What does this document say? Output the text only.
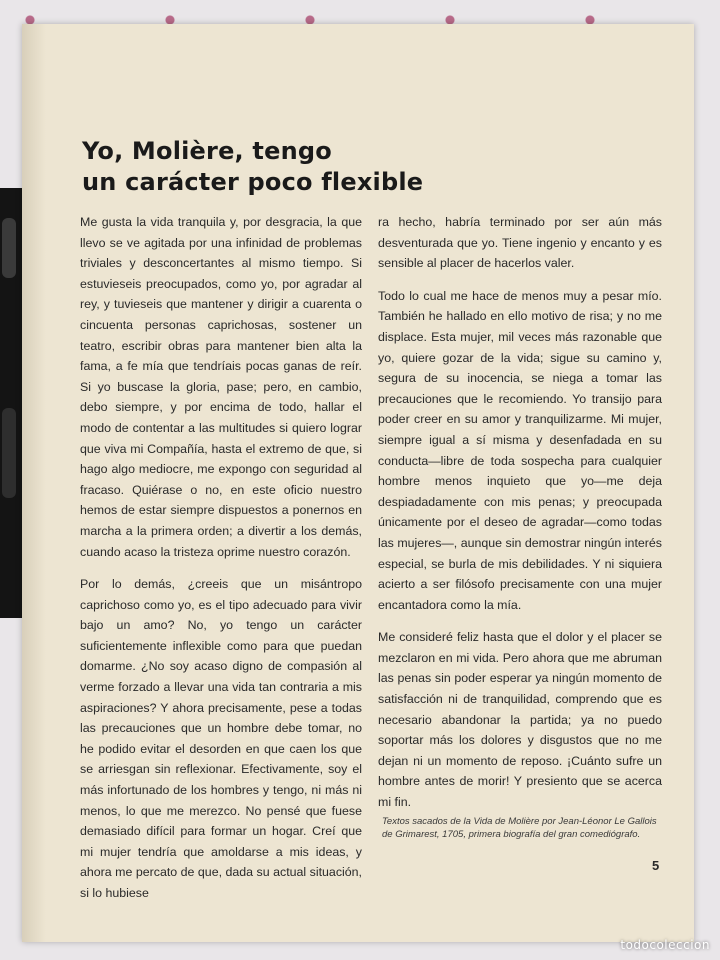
Yo, Molière, tengo
un carácter poco flexible

Me gusta la vida tranquila y, por desgracia, la que llevo se ve agitada por una infinidad de problemas triviales y desconcertantes al mismo tiempo. Si estuvieseis preocupados, como yo, por agradar al rey, y tuvieseis que mantener y dirigir a cuarenta o cincuenta personas caprichosas, sostener un teatro, escribir obras para mantener bien alta la fama, a fe mía que tendríais pocas ganas de reír. Si yo buscase la gloria, pase; pero, en cambio, debo siempre, y por encima de todo, hallar el modo de contentar a las multitudes si quiero lograr que viva mi Compañía, hasta el extremo de que, si hago algo mediocre, me expongo con seguridad al fracaso. Quiérase o no, en este oficio nuestro hemos de estar siempre dispuestos a ponernos en marcha a la primera orden; a divertir a los demás, cuando acaso la tristeza oprime nuestro corazón.

Por lo demás, ¿creeis que un misántropo caprichoso como yo, es el tipo adecuado para vivir bajo un amo? No, yo tengo un carácter suficientemente inflexible como para que puedan domarme. ¿No soy acaso digno de compasión al verme forzado a llevar una vida tan contraria a mis aspiraciones? Y ahora precisamente, pese a todas las precauciones que un hombre debe tomar, no he podido evitar el desorden en que caen los que se arriesgan sin reflexionar. Efectivamente, soy el más infortunado de los hombres y tengo, ni más ni menos, lo que me merezco. No pensé que fuese demasiado difícil para formar un hogar. Creí que mi mujer tendría que amoldarse a mis ideas, y ahora me percato de que, dada su actual situación, si lo hubiese

ra hecho, habría terminado por ser aún más desventurada que yo. Tiene ingenio y encanto y es sensible al placer de hacerlos valer.

Todo lo cual me hace de menos muy a pesar mío. También he hallado en ello motivo de risa; y no me displace. Esta mujer, mil veces más razonable que yo, quiere gozar de la vida; sigue su camino y, segura de su inocencia, se niega a tomar las precauciones que le recomiendo. Yo transijo para poder creer en su amor y tranquilizarme. Mi mujer, siempre igual a sí misma y desenfadada en su conducta—libre de toda sospecha para cualquier hombre menos inquieto que yo—me deja despiadadamente con mis penas; y preocupada únicamente por el deseo de agradar—como todas las mujeres—, aunque sin demostrar ningún interés especial, se burla de mis debilidades. Y ni siquiera acierto a ser filósofo precisamente con una mujer encantadora como la mía.

Me consideré feliz hasta que el dolor y el placer se mezclaron en mi vida. Pero ahora que me abruman las penas sin poder esperar ya ningún momento de satisfacción ni de tranquilidad, comprendo que es necesario abandonar la partida; ya no puedo soportar más los dolores y disgustos que no me dejan ni un momento de reposo. ¡Cuánto sufre un hombre antes de morir! Y presiento que se acerca mi fin.

Textos sacados de la Vida de Molière por Jean-Léonor Le Gallois de Grimarest, 1705, primera biografía del gran comediógrafo.

5
todocoleccion
